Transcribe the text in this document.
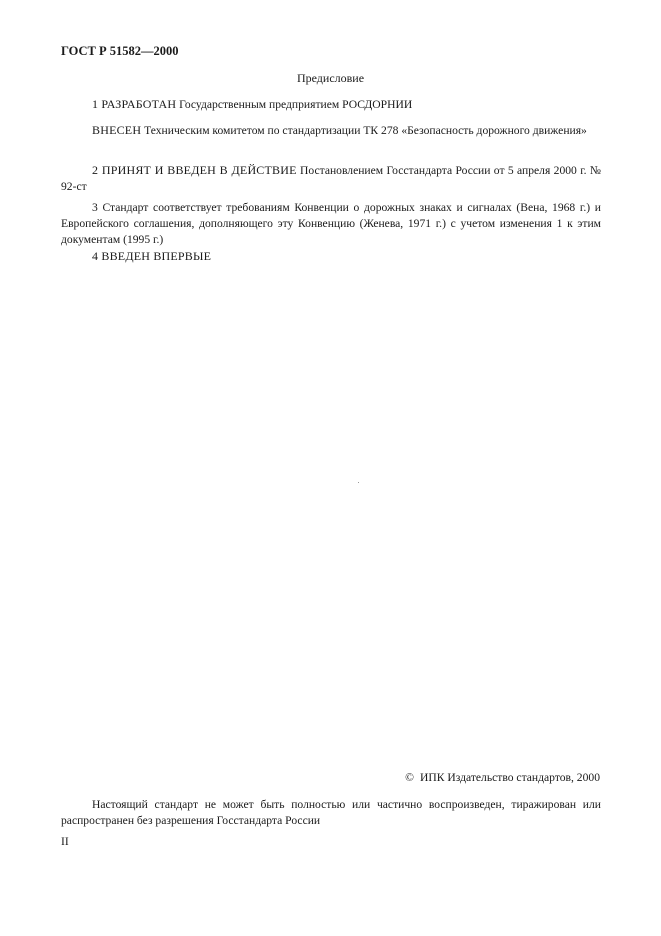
ГОСТ Р 51582—2000
Предисловие

1 РАЗРАБОТАН Государственным предприятием РОСДОРНИИ

ВНЕСЕН Техническим комитетом по стандартизации ТК 278 «Безопасность дорожного движения»

2 ПРИНЯТ И ВВЕДЕН В ДЕЙСТВИЕ Постановлением Госстандарта России от 5 апреля 2000 г. № 92-ст

3 Стандарт соответствует требованиям Конвенции о дорожных знаках и сигналах (Вена, 1968 г.) и Европейского соглашения, дополняющего эту Конвенцию (Женева, 1971 г.) с учетом изменения 1 к этим документам (1995 г.)

4 ВВЕДЕН ВПЕРВЫЕ

© ИПК Издательство стандартов, 2000

Настоящий стандарт не может быть полностью или частично воспроизведен, тиражирован или распространен без разрешения Госстандарта России

II
